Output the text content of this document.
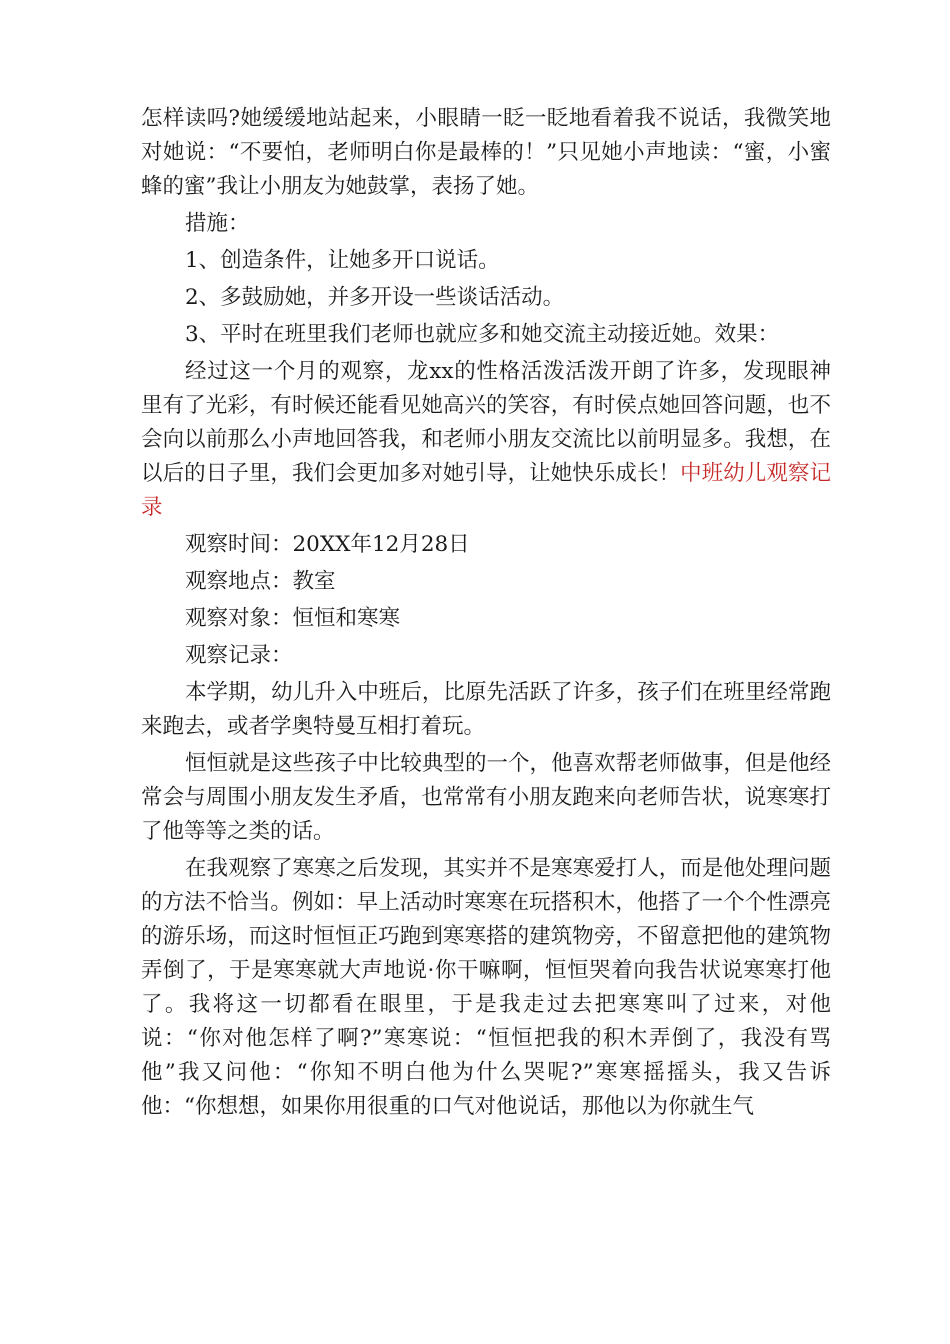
怎样读吗?她缓缓地站起来，小眼睛一眨一眨地看着我不说话，我微笑地对她说：“不要怕，老师明白你是最棒的！”只见她小声地读：“蜜，小蜜蜂的蜜”我让小朋友为她鼓掌，表扬了她。

措施：

1、创造条件，让她多开口说话。

2、多鼓励她，并多开设一些谈话活动。

3、平时在班里我们老师也就应多和她交流主动接近她。效果：

经过这一个月的观察，龙xx的性格活泼活泼开朗了许多，发现眼神里有了光彩，有时候还能看见她高兴的笑容，有时侯点她回答问题，也不会向以前那么小声地回答我，和老师小朋友交流比以前明显多。我想，在以后的日子里，我们会更加多对她引导，让她快乐成长！中班幼儿观察记录

观察时间：20XX年12月28日

观察地点：教室

观察对象：恒恒和寒寒

观察记录：

本学期，幼儿升入中班后，比原先活跃了许多，孩子们在班里经常跑来跑去，或者学奥特曼互相打着玩。

恒恒就是这些孩子中比较典型的一个，他喜欢帮老师做事，但是他经常会与周围小朋友发生矛盾，也常常有小朋友跑来向老师告状，说寒寒打了他等等之类的话。

在我观察了寒寒之后发现，其实并不是寒寒爱打人，而是他处理问题的方法不恰当。例如：早上活动时寒寒在玩搭积木，他搭了一个个性漂亮的游乐场，而这时恒恒正巧跑到寒寒搭的建筑物旁，不留意把他的建筑物弄倒了，于是寒寒就大声地说·你干嘛啊，恒恒哭着向我告状说寒寒打他了。我将这一切都看在眼里，于是我走过去把寒寒叫了过来，对他说：“你对他怎样了啊?”寒寒说：“恒恒把我的积木弄倒了，我没有骂他”我又问他：“你知不明白他为什么哭呢?”寒寒摇摇头，我又告诉他：“你想想，如果你用很重的口气对他说话，那他以为你就生气
